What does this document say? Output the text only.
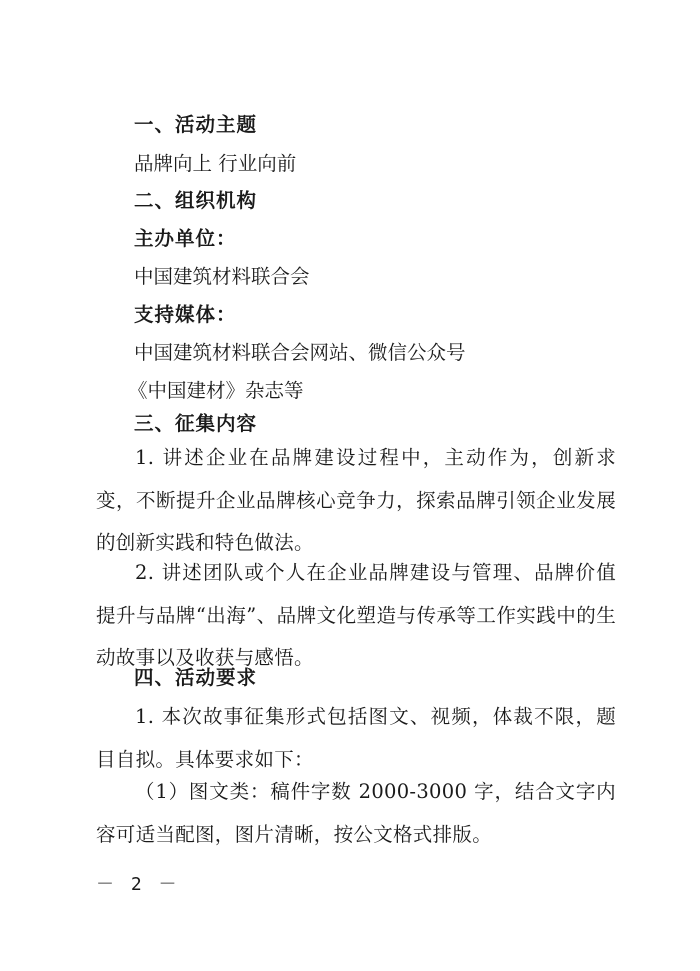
一、活动主题
品牌向上 行业向前
二、组织机构
主办单位：
中国建筑材料联合会
支持媒体：
中国建筑材料联合会网站、微信公众号
《中国建材》杂志等
三、征集内容
1. 讲述企业在品牌建设过程中，主动作为，创新求变，不断提升企业品牌核心竞争力，探索品牌引领企业发展的创新实践和特色做法。
2. 讲述团队或个人在企业品牌建设与管理、品牌价值提升与品牌“出海”、品牌文化塑造与传承等工作实践中的生动故事以及收获与感悟。
四、活动要求
1. 本次故事征集形式包括图文、视频，体裁不限，题目自拟。具体要求如下：
（1）图文类：稿件字数 2000-3000 字，结合文字内容可适当配图，图片清晰，按公文格式排版。
－ 2 －
